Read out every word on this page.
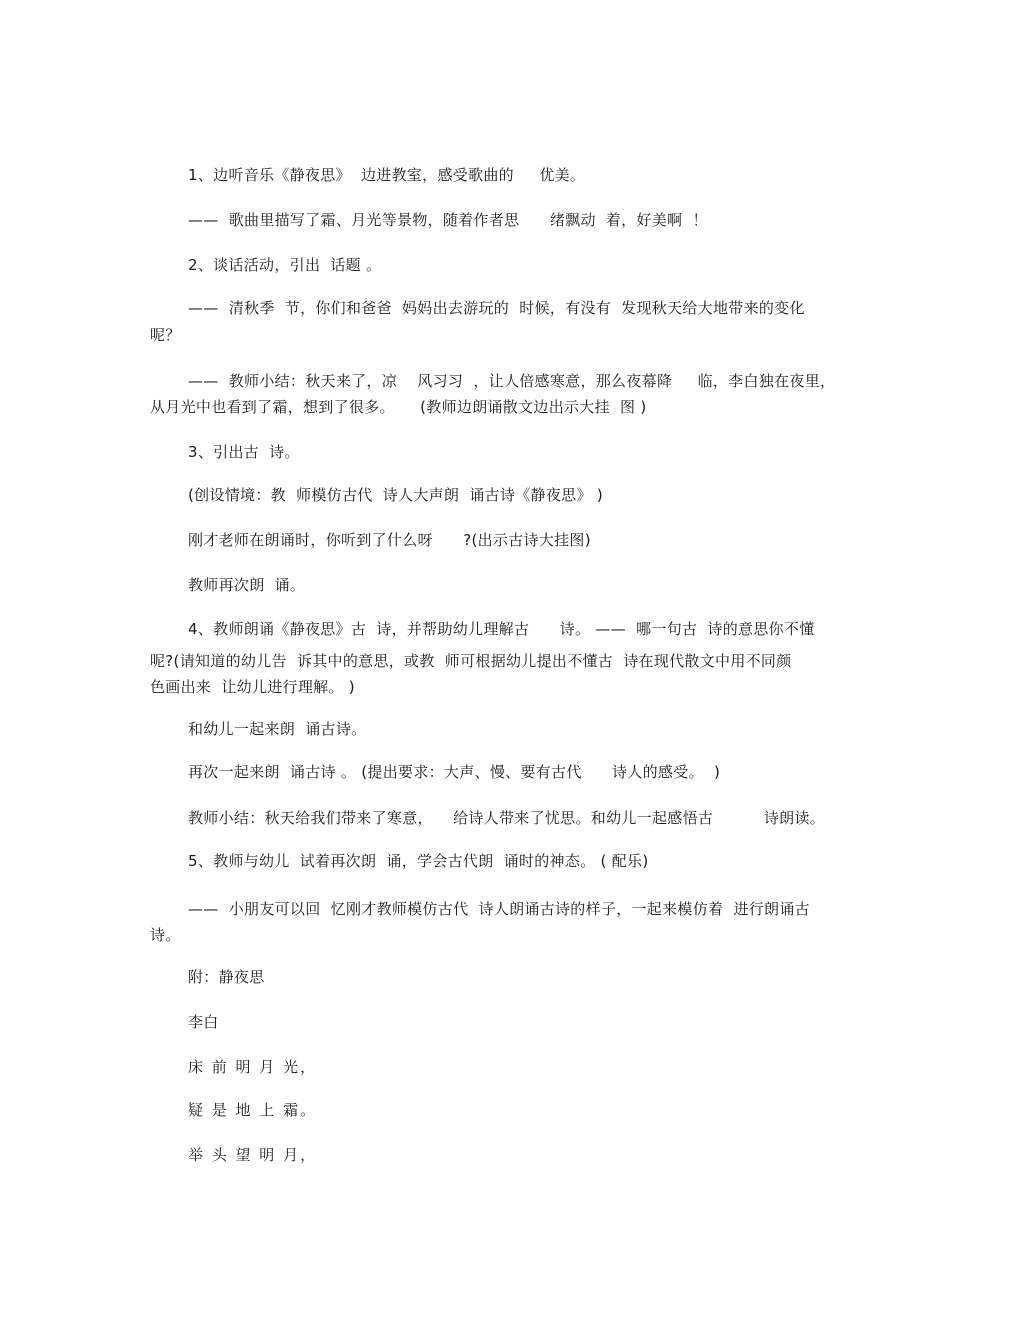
1、边听音乐《静夜思》  边进教室，感受歌曲的     优美。
——  歌曲里描写了霜、月光等景物，随着作者思      绪飘动  着，好美啊  ！
2、谈话活动，引出  话题 。
——  清秋季  节，你们和爸爸  妈妈出去游玩的  时候，有没有  发现秋天给大地带来的变化
呢？
——  教师小结：秋天来了，凉    风习习  ，让人倍感寒意，那么夜幕降     临，李白独在夜里，
从月光中也看到了霜，想到了很多。     (教师边朗诵散文边出示大挂  图 )
3、引出古  诗。
(创设情境：教  师模仿古代  诗人大声朗  诵古诗《静夜思》 )
刚才老师在朗诵时，你听到了什么呀      ?(出示古诗大挂图)
教师再次朗  诵。
4、教师朗诵《静夜思》古  诗，并帮助幼儿理解古      诗。 ——  哪一句古  诗的意思你不懂
呢?(请知道的幼儿告  诉其中的意思，或教  师可根据幼儿提出不懂古  诗在现代散文中用不同颜
色画出来  让幼儿进行理解。 )
和幼儿一起来朗  诵古诗。
再次一起来朗  诵古诗 。 (提出要求：大声、慢、要有古代      诗人的感受。  )
教师小结：秋天给我们带来了寒意，    给诗人带来了忧思。和幼儿一起感悟古          诗朗读。
5、教师与幼儿  试着再次朗  诵，学会古代朗  诵时的神态。 ( 配乐)
——  小朋友可以回  忆刚才教师模仿古代  诗人朗诵古诗的样子，一起来模仿着  进行朗诵古
诗。
附：静夜思
李白
床 前 明 月 光，
疑 是 地 上 霜。
举 头 望 明 月，
